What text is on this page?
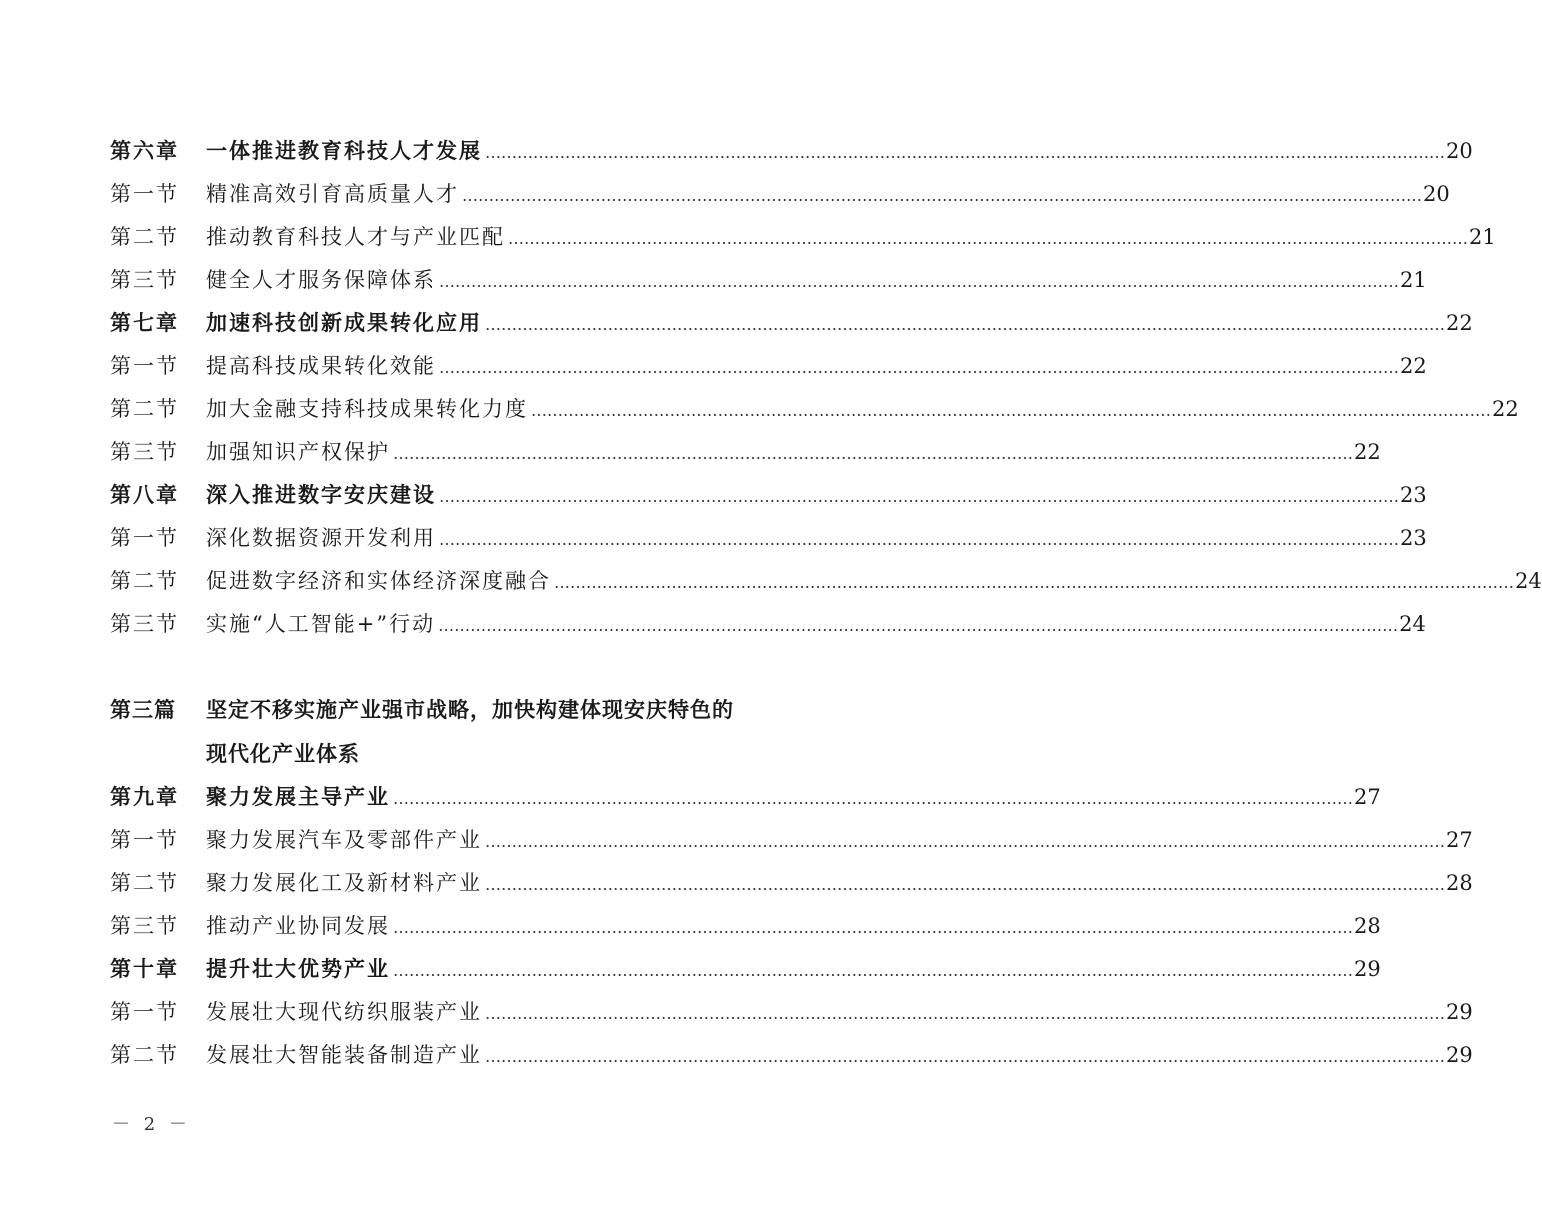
第六章	一体推进教育科技人才发展 ……………………………………………………………………………………………………………………………………………………………… 20
第一节	精准高效引育高质量人才 ……………………………………………………………………………………………………………………………………………………………… 20
第二节	推动教育科技人才与产业匹配 ……………………………………………………………………………………………………………………………………………………………… 21
第三节	健全人才服务保障体系 ……………………………………………………………………………………………………………………………………………………………… 21
第七章	加速科技创新成果转化应用 ……………………………………………………………………………………………………………………………………………………………… 22
第一节	提高科技成果转化效能 ……………………………………………………………………………………………………………………………………………………………… 22
第二节	加大金融支持科技成果转化力度 ……………………………………………………………………………………………………………………………………………………………… 22
第三节	加强知识产权保护 ……………………………………………………………………………………………………………………………………………………………… 22
第八章	深入推进数字安庆建设 ……………………………………………………………………………………………………………………………………………………………… 23
第一节	深化数据资源开发利用 ……………………………………………………………………………………………………………………………………………………………… 23
第二节	促进数字经济和实体经济深度融合 ……………………………………………………………………………………………………………………………………………………………… 24
第三节	实施“人工智能+”行动 ……………………………………………………………………………………………………………………………………………………………… 24
第三篇	坚定不移实施产业强市战略，加快构建体现安庆特色的
现代化产业体系
第九章	聚力发展主导产业 ……………………………………………………………………………………………………………………………………………………………… 27
第一节	聚力发展汽车及零部件产业 ……………………………………………………………………………………………………………………………………………………………… 27
第二节	聚力发展化工及新材料产业 ……………………………………………………………………………………………………………………………………………………………… 28
第三节	推动产业协同发展 ……………………………………………………………………………………………………………………………………………………………… 28
第十章	提升壮大优势产业 ……………………………………………………………………………………………………………………………………………………………… 29
第一节	发展壮大现代纺织服装产业 ……………………………………………………………………………………………………………………………………………………………… 29
第二节	发展壮大智能装备制造产业 ……………………………………………………………………………………………………………………………………………………………… 29
－ 2 －
